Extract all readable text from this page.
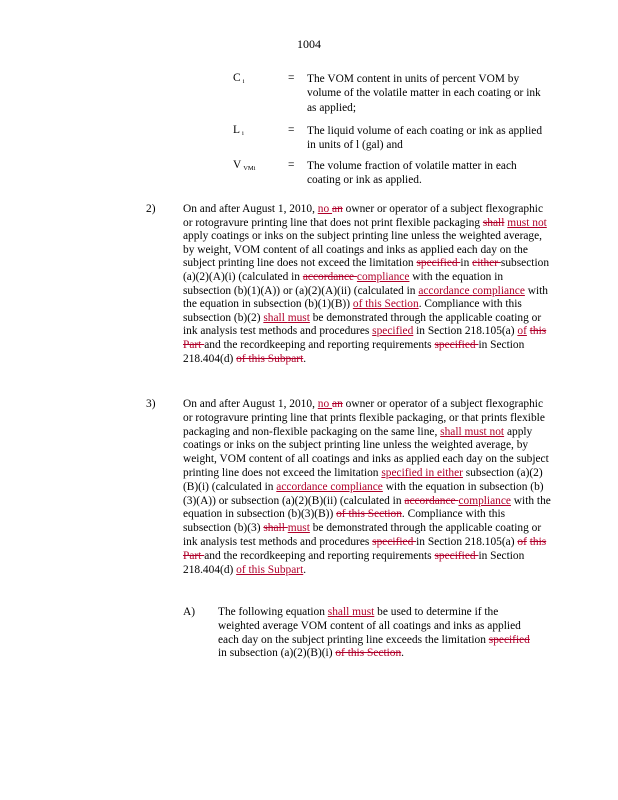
1004
C $_i$	= The VOM content in units of percent VOM by volume of the volatile matter in each coating or ink as applied;
L $_i$	= The liquid volume of each coating or ink as applied in units of l (gal) and
V $_{VMi}$	= The volume fraction of volatile matter in each coating or ink as applied.
2) On and after August 1, 2010, no an owner or operator of a subject flexographic or rotogravure printing line that does not print flexible packaging shall must not apply coatings or inks on the subject printing line unless the weighted average, by weight, VOM content of all coatings and inks as applied each day on the subject printing line does not exceed the limitation specified in either subsection (a)(2)(A)(i) (calculated in accordance compliance with the equation in subsection (b)(1)(A)) or (a)(2)(A)(ii) (calculated in accordance compliance with the equation in subsection (b)(1)(B)) of this Section. Compliance with this subsection (b)(2) shall must be demonstrated through the applicable coating or ink analysis test methods and procedures specified in Section 218.105(a) of this Part and the recordkeeping and reporting requirements specified in Section 218.404(d) of this Subpart.
3) On and after August 1, 2010, no an owner or operator of a subject flexographic or rotogravure printing line that prints flexible packaging, or that prints flexible packaging and non-flexible packaging on the same line, shall must not apply coatings or inks on the subject printing line unless the weighted average, by weight, VOM content of all coatings and inks as applied each day on the subject printing line does not exceed the limitation specified in either subsection (a)(2)(B)(i) (calculated in accordance compliance with the equation in subsection (b)(3)(A)) or subsection (a)(2)(B)(ii) (calculated in accordance compliance with the equation in subsection (b)(3)(B)) of this Section. Compliance with this subsection (b)(3) shall must be demonstrated through the applicable coating or ink analysis test methods and procedures specified in Section 218.105(a) of this Part and the recordkeeping and reporting requirements specified in Section 218.404(d) of this Subpart.
A) The following equation shall must be used to determine if the weighted average VOM content of all coatings and inks as applied each day on the subject printing line exceeds the limitation specified in subsection (a)(2)(B)(i) of this Section.
